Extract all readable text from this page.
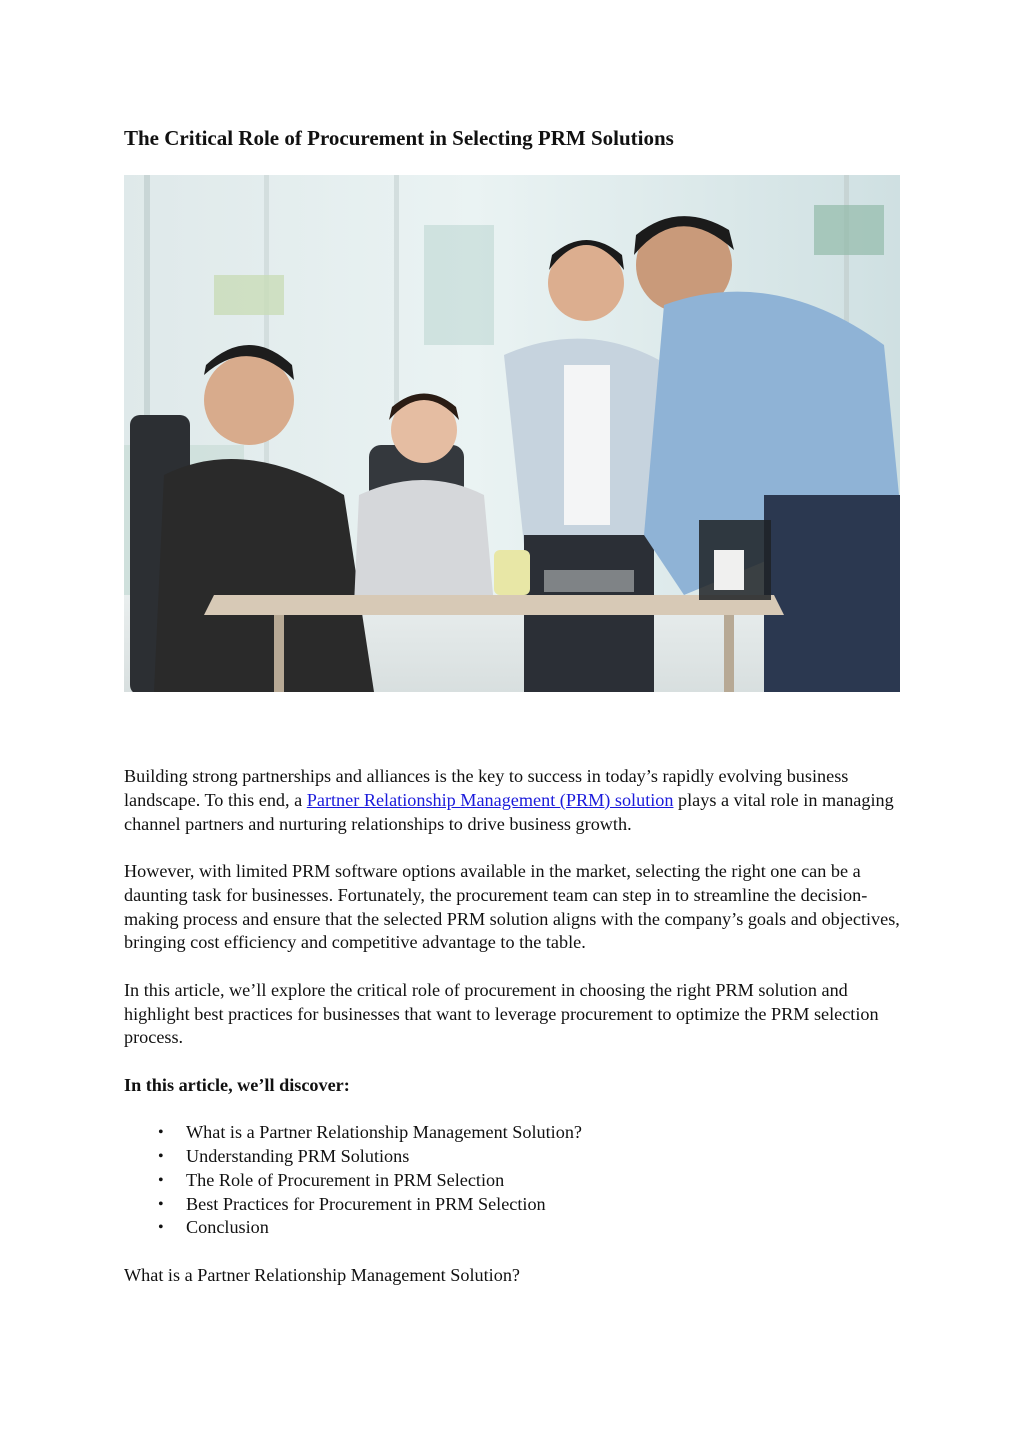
The Critical Role of Procurement in Selecting PRM Solutions

Building strong partnerships and alliances is the key to success in today’s rapidly evolving business landscape. To this end, a Partner Relationship Management (PRM) solution plays a vital role in managing channel partners and nurturing relationships to drive business growth.

However, with limited PRM software options available in the market, selecting the right one can be a daunting task for businesses. Fortunately, the procurement team can step in to streamline the decision-making process and ensure that the selected PRM solution aligns with the company’s goals and objectives, bringing cost efficiency and competitive advantage to the table.

In this article, we’ll explore the critical role of procurement in choosing the right PRM solution and highlight best practices for businesses that want to leverage procurement to optimize the PRM selection process.

In this article, we’ll discover:

• What is a Partner Relationship Management Solution?
• Understanding PRM Solutions
• The Role of Procurement in PRM Selection
• Best Practices for Procurement in PRM Selection
• Conclusion

What is a Partner Relationship Management Solution?
